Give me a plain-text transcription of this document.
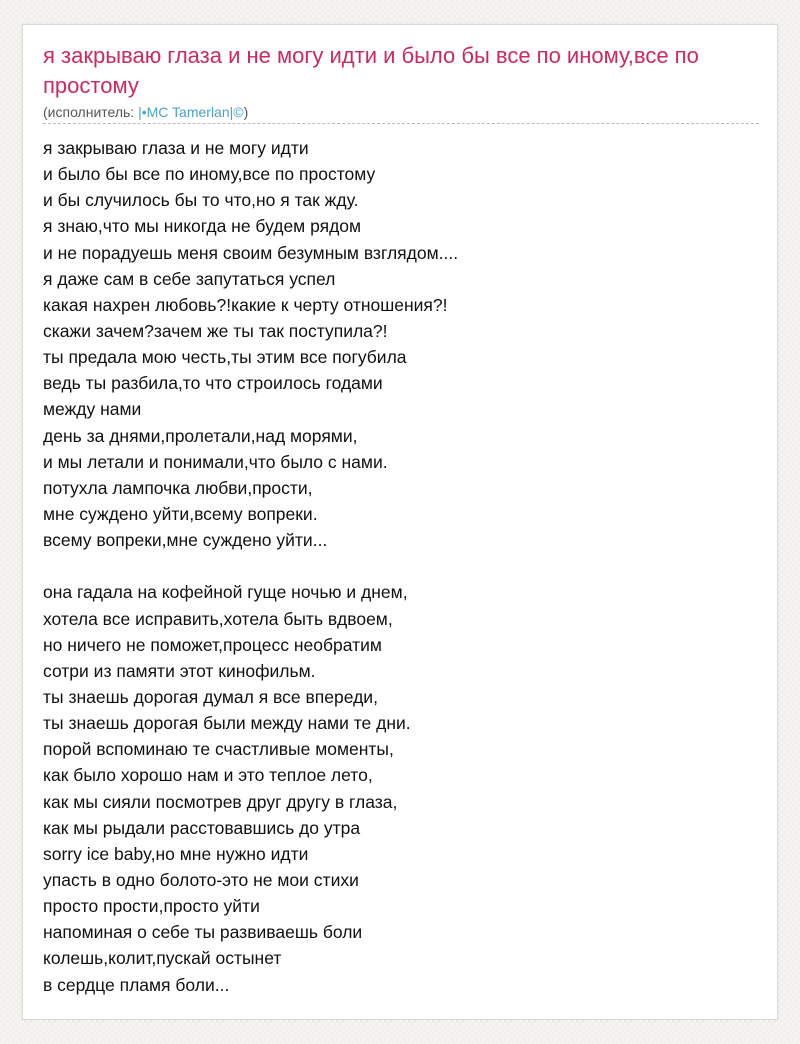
я закрываю глаза и не могу идти и было бы все по иному,все по простому
(исполнитель: |•MC Tamerlan|©)
я закрываю глаза и не могу идти
и было бы все по иному,все по простому
и бы случилось бы то что,но я так жду.
я знаю,что мы никогда не будем рядом
и не порадуешь меня своим безумным взглядом....
я даже сам в себе запутаться успел
какая нахрен любовь?!какие к черту отношения?!
скажи зачем?зачем же ты так поступила?!
ты предала мою честь,ты этим все погубила
ведь ты разбила,то что строилось годами
между нами
день за днями,пролетали,над морями,
и мы летали и понимали,что было с нами.
потухла лампочка любви,прости,
мне суждено уйти,всему вопреки.
всему вопреки,мне суждено уйти...
она гадала на кофейной гуще ночью и днем,
хотела все исправить,хотела быть вдвоем,
но ничего не поможет,процесс необратим
сотри из памяти этот кинофильм.
ты знаешь дорогая думал я все впереди,
ты знаешь дорогая были между нами те дни.
порой вспоминаю те счастливые моменты,
как было хорошо нам и это теплое лето,
как мы сияли посмотрев друг другу в глаза,
как мы рыдали расстовавшись до утра
sorry ice baby,но мне нужно идти
упасть в одно болото-это не мои стихи
просто прости,просто уйти
напоминая о себе ты развиваешь боли
колешь,колит,пускай остынет
в сердце пламя боли...
